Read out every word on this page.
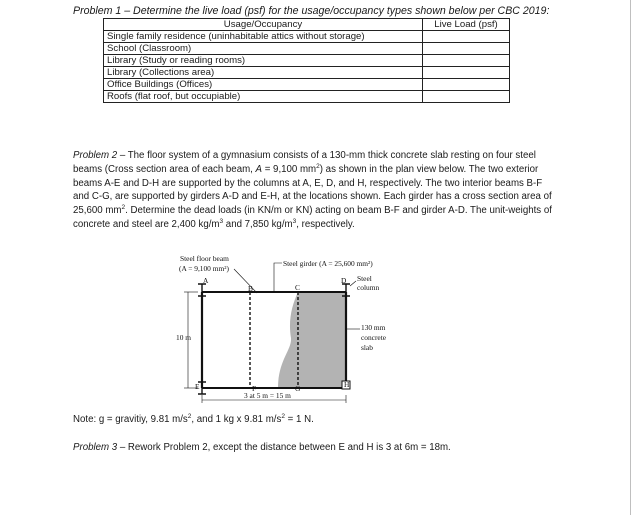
Problem 1 – Determine the live load (psf) for the usage/occupancy types shown below per CBC 2019:
Usage/Occupancy	Live Load (psf)
Single family residence (uninhabitable attics without storage)	
School (Classroom)	
Library (Study or reading rooms)	
Library (Collections area)	
Office Buildings (Offices)	
Roofs (flat roof, but occupiable)	
Problem 2 – The floor system of a gymnasium consists of a 130-mm thick concrete slab resting on four steel beams (Cross section area of each beam, A = 9,100 $mm^2$) as shown in the plan view below. The two exterior beams A-E and D-H are supported by the columns at A, E, D, and H, respectively. The two interior beams B-F and C-G, are supported by girders A-D and E-H, at the locations shown. Each girder has a cross section area of 25,600 $mm^2$. Determine the dead loads (in KN/m or KN) acting on beam B-F and girder A-D. The unit-weights of concrete and steel are 2,400 $kg/m^3$ and 7,850 $kg/m^3$, respectively.
Steel floor beam
(A = 9,100 mm²)
Steel girder (A = 25,600 mm²)
Steel
column
130 mm
concrete
slab
10 m
3 at 5 m = 15 m
A
B	C
D
E	F	G	H
Note: g = gravitiy, 9.81 $m/s^2$, and 1 kg x 9.81 $m/s^2 = 1$ N.
Problem 3 – Rework Problem 2, except the distance between E and H is 3 at 6m = 18m.
